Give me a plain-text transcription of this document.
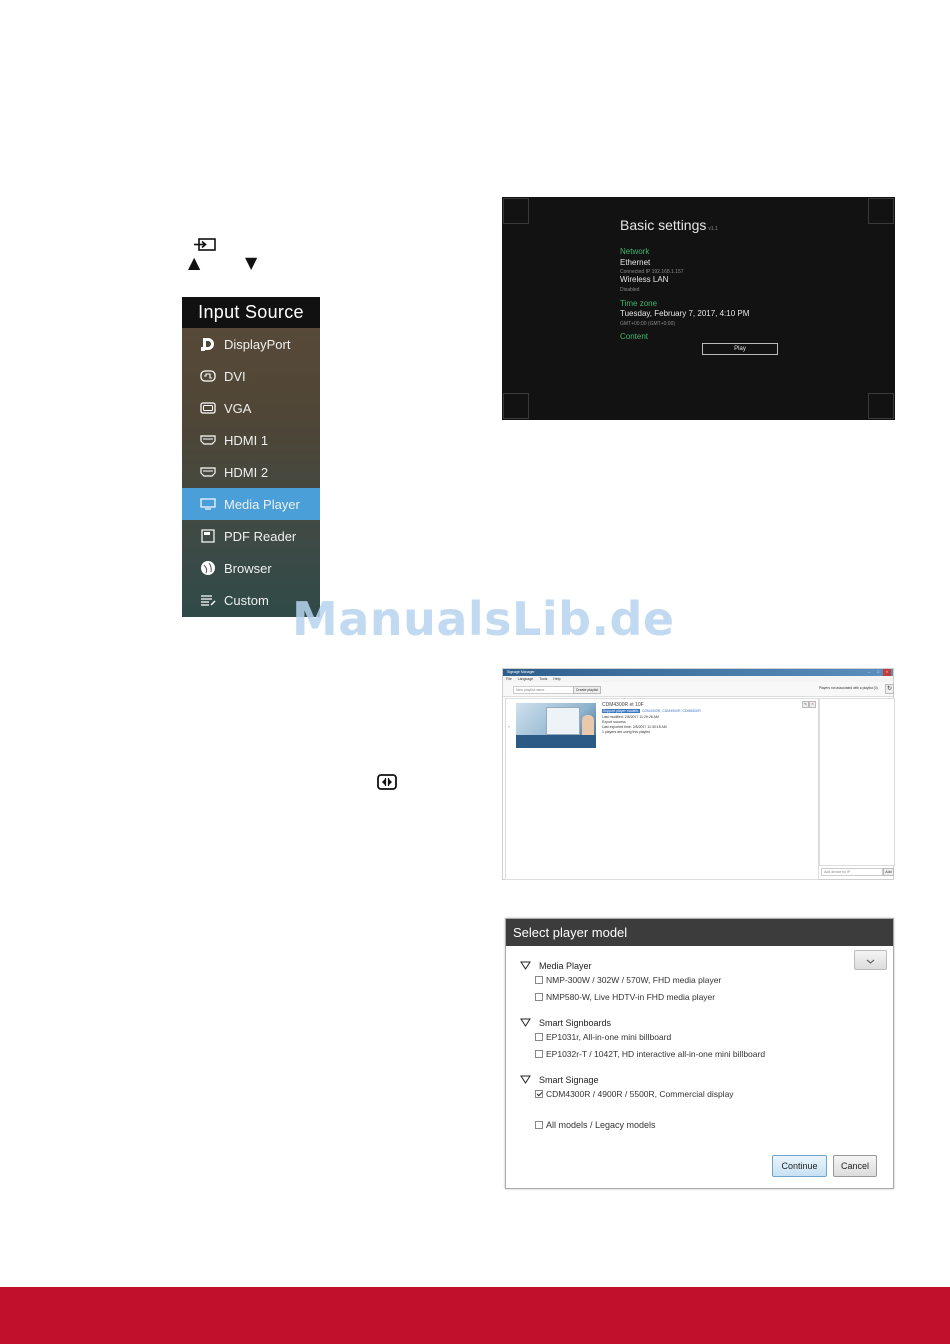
▲	▼
Input Source
DisplayPort
DVI
VGA
HDMI 1
HDMI 2
Media Player
PDF Reader
Browser
Custom
Basic settings v1.1
Network
Ethernet
Connected IP 192.168.1.157
Wireless LAN
Disabled
Time zone
Tuesday, February 7, 2017, 4:10 PM
GMT+00:00 (GMT+0:00)
Content
Play
ManualsLib.de
Signage Manager	–	□	×
File Language Tools Help
New playlist name	Create playlist	Players not associated with a playlist (0)	↻
»
CDM4300R et 10F
Support player models: CDM4300R, CDM4900R, CDM5500R
Last modified: 2/8/2017 11:29:26 AM
Export success
Last exported time: 2/8/2017 11:30:18 AM
1 players are using this playlist
✎	×
Add device by IP	Add
Select player model
Media Player
NMP-300W / 302W / 570W, FHD media player
NMP580-W, Live HDTV-in FHD media player
Smart Signboards
EP1031r, All-in-one mini billboard
EP1032r-T / 1042T, HD interactive all-in-one mini billboard
Smart Signage
CDM4300R / 4900R / 5500R, Commercial display
All models / Legacy models
Continue	Cancel
